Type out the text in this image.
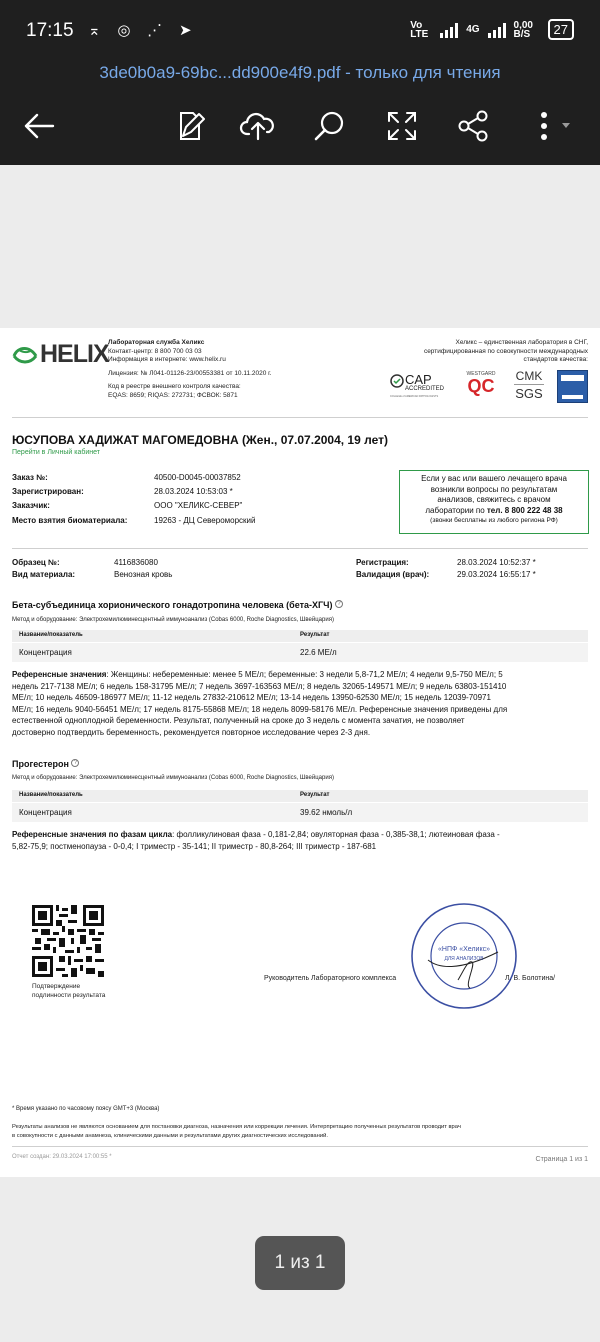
17:15 ⌅ ◎ ⋰ ➤	Vo LTE	4G	0,00 B/S	27
3de0b0a9-69bc...dd900e4f9.pdf - только для чтения
HELIX Лабораторная служба Хеликс
Контакт-центр: 8 800 700 03 03
Информация в интернете: www.helix.ru
Лицензия: № Л041-01126-23/00553381 от 10.11.2020 г.
Код в реестре внешнего контроля качества:
EQAS: 8659; RIQAS: 272731; ФСВОК: 5871
Хеликс – единственная лаборатория в СНГ,
сертифицированная по совокупности международных
стандартов качества:
CAP
ACCREDITED
COLLEGE of AMERICAN PATHOLOGISTS
WESTGARD
QC	CMK
SGS
ЮСУПОВА ХАДИЖАТ МАГОМЕДОВНА (Жен., 07.07.2004, 19 лет)
Перейти в Личный кабинет
Заказ №:	40500-D0045-00037852
Зарегистрирован:	28.03.2024 10:53:03 *
Заказчик:	ООО "ХЕЛИКС-СЕВЕР"
Место взятия биоматериала:	19263 - ДЦ Североморский
Если у вас или вашего лечащего врача
возникли вопросы по результатам
анализов, свяжитесь с врачом
лаборатории по тел. 8 800 222 48 38
(звонки бесплатны из любого региона РФ)
Образец №:	4116836080
Вид материала:	Венозная кровь
Регистрация:	28.03.2024 10:52:37 *
Валидация (врач):	29.03.2024 16:55:17 *
Бета-субъединица хорионического гонадотропина человека (бета-ХГЧ) ?
Метод и оборудование: Электрохемилюминесцентный иммуноанализ (Cobas 6000, Roche Diagnostics, Швейцария)
Название/показатель	Результат
Концентрация	22.6 МЕ/л
Референсные значения: Женщины: небеременные: менее 5 МЕ/л; беременные: 3 недели 5,8-71,2 МЕ/л; 4 недели 9,5-750 МЕ/л; 5
недель 217-7138 МЕ/л; 6 недель 158-31795 МЕ/л; 7 недель 3697-163563 МЕ/л; 8 недель 32065-149571 МЕ/л; 9 недель 63803-151410
МЕ/л; 10 недель 46509-186977 МЕ/л; 11-12 недель 27832-210612 МЕ/л; 13-14 недель 13950-62530 МЕ/л; 15 недель 12039-70971
МЕ/л; 16 недель 9040-56451 МЕ/л; 17 недель 8175-55868 МЕ/л; 18 недель 8099-58176 МЕ/л. Референсные значения приведены для
естественной одноплодной беременности. Результат, полученный на сроке до 3 недель с момента зачатия, не позволяет
достоверно подтвердить беременность, рекомендуется повторное исследование через 2-3 дня.
Прогестерон ?
Метод и оборудование: Электрохемилюминесцентный иммуноанализ (Cobas 6000, Roche Diagnostics, Швейцария)
Название/показатель	Результат
Концентрация	39.62 нмоль/л
Референсные значения по фазам цикла: фолликулиновая фаза - 0,181-2,84; овуляторная фаза - 0,385-38,1; лютеиновая фаза -
5,82-75,9; постменопауза - 0-0,4; I триместр - 35-141; II триместр - 80,8-264; III триместр - 187-681
Подтверждение
подлинности результата
Руководитель Лабораторного комплекса
«НПФ «Хеликс»
ДЛЯ АНАЛИЗОВ
Л. В. Болотина/
* Время указано по часовому поясу GMT+3 (Москва)
Результаты анализов не являются основанием для постановки диагноза, назначения или коррекции лечения. Интерпретацию полученных результатов проводит врач
в совокупности с данными анамнеза, клиническими данными и результатами других диагностических исследований.
Отчет создан: 29.03.2024 17:00:55 *	Страница 1 из 1
1 из 1
